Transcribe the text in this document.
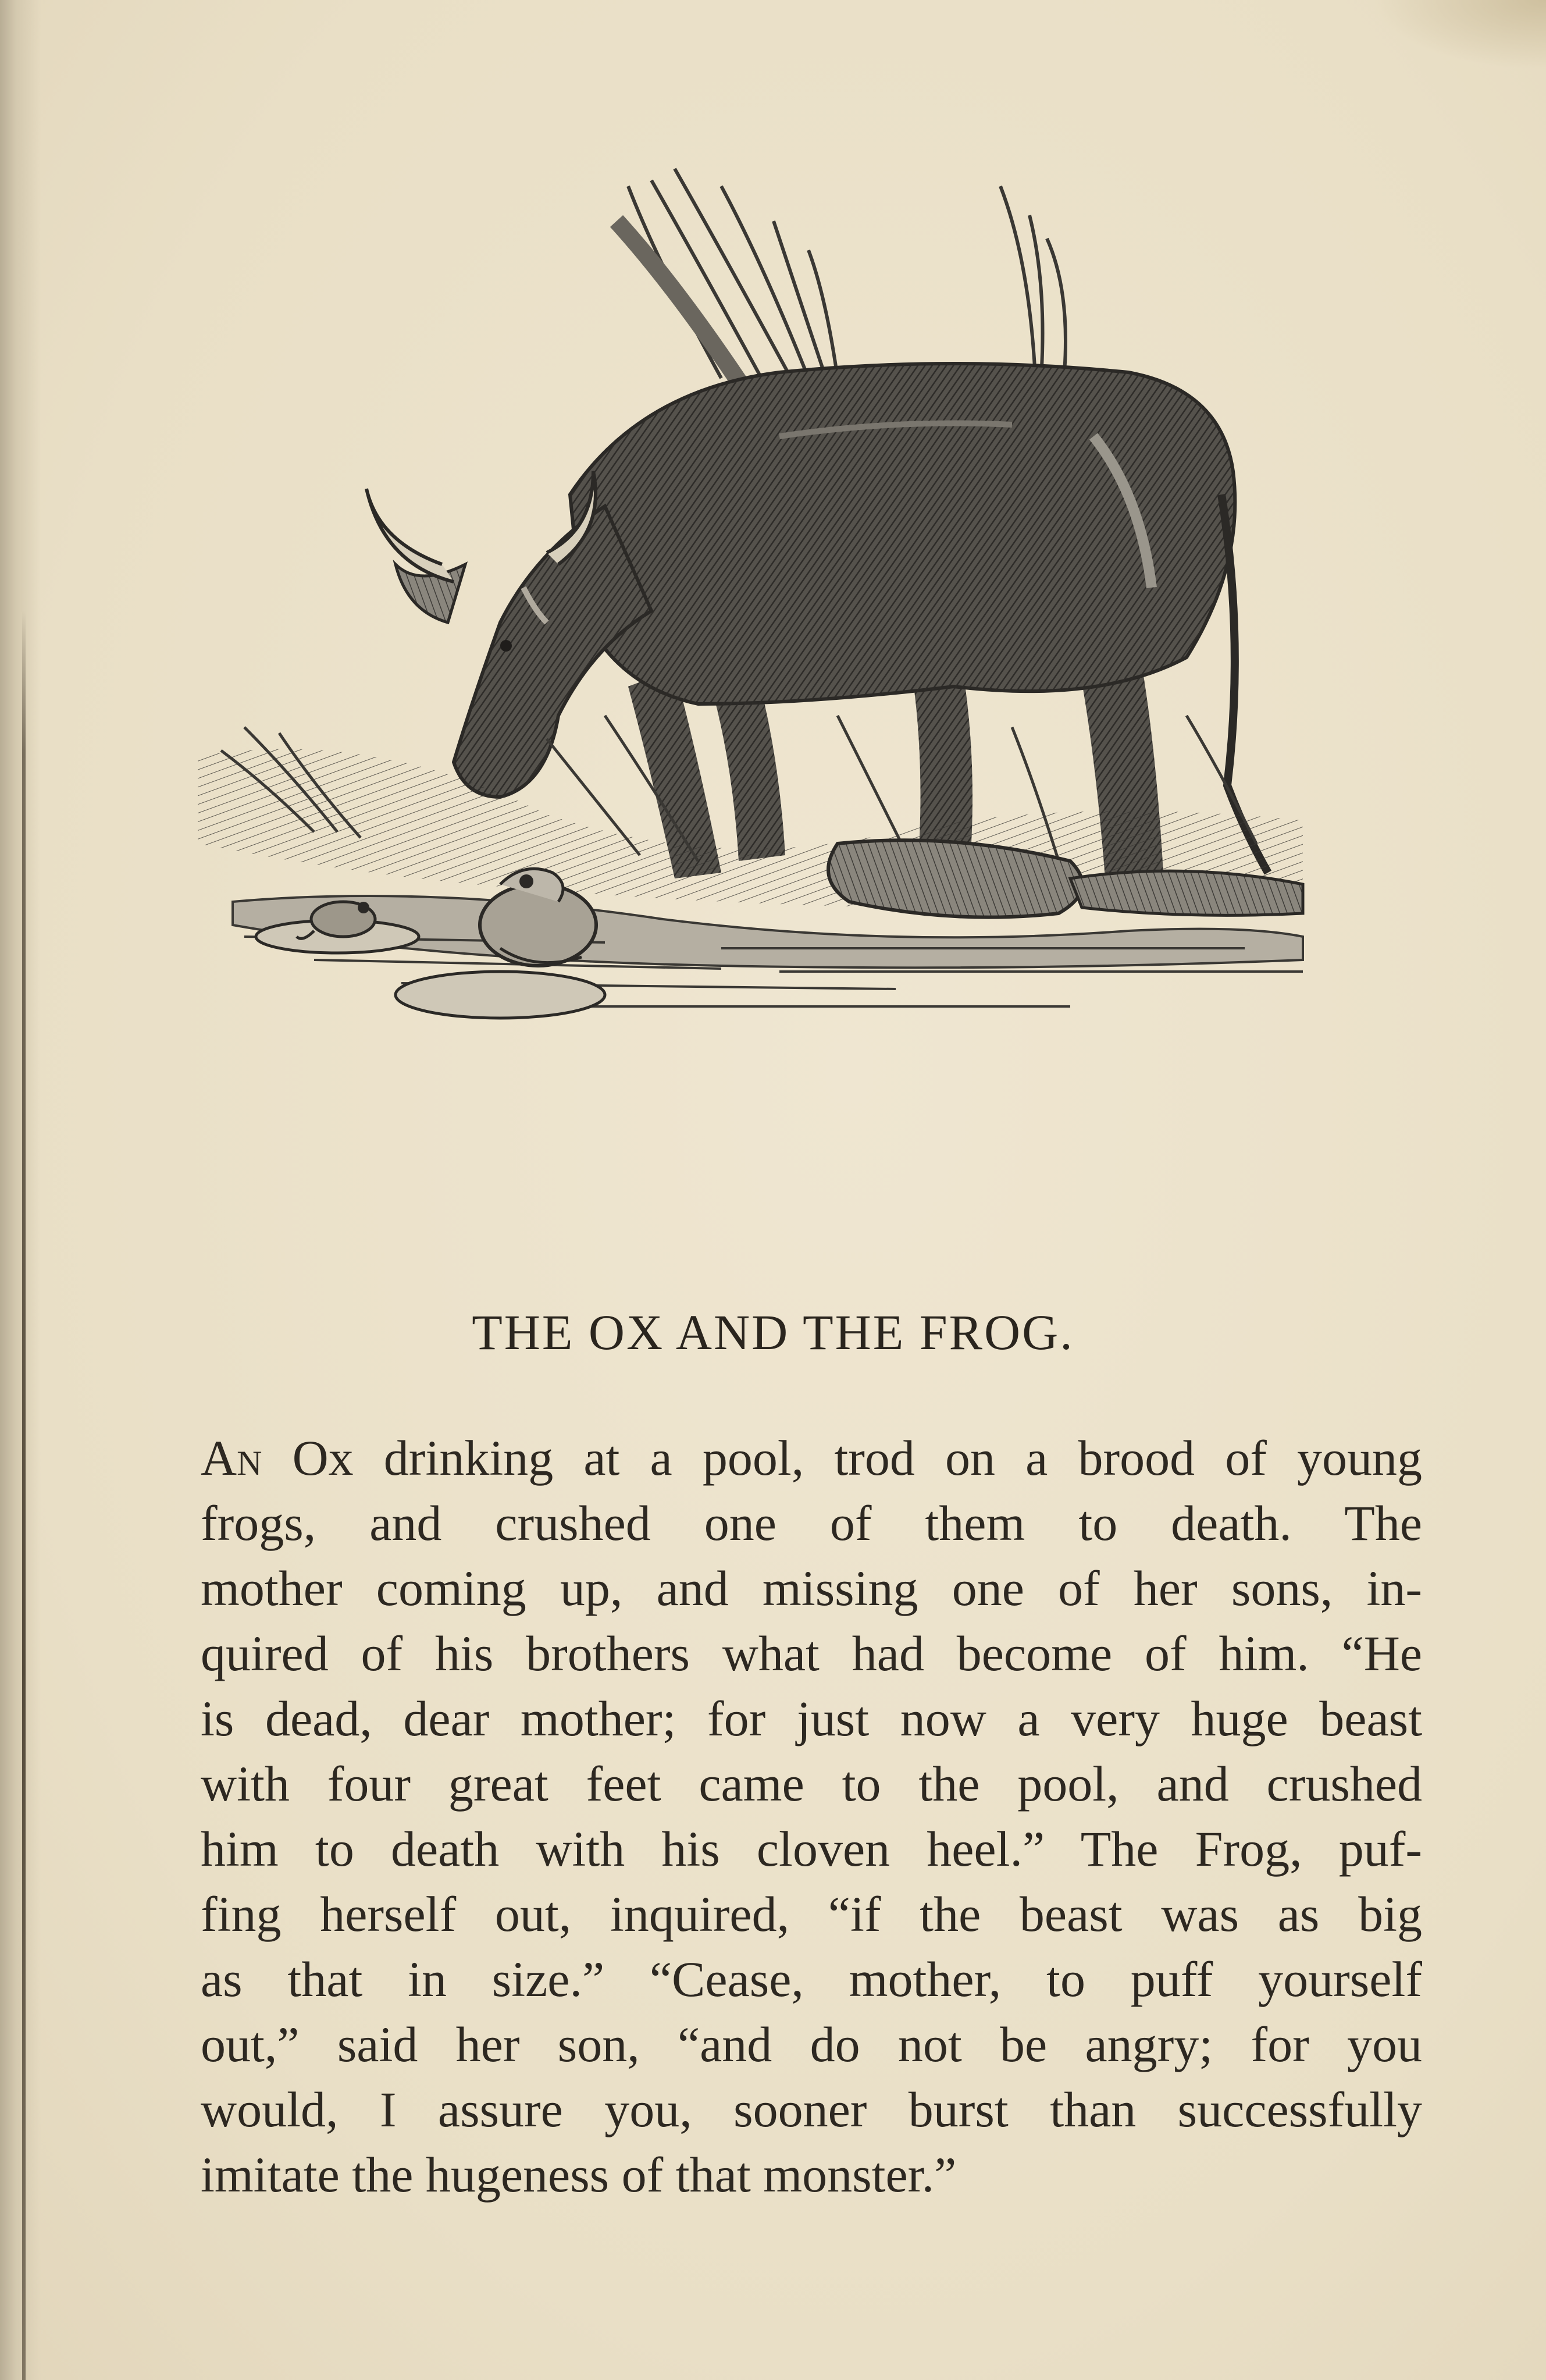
THE OX AND THE FROG.
An Ox drinking at a pool, trod on a brood of young
frogs, and crushed one of them to death. The
mother coming up, and missing one of her sons, in-
quired of his brothers what had become of him. “He
is dead, dear mother; for just now a very huge beast
with four great feet came to the pool, and crushed
him to death with his cloven heel.” The Frog, puf-
fing herself out, inquired, “if the beast was as big
as that in size.” “Cease, mother, to puff yourself
out,” said her son, “and do not be angry; for you
would, I assure you, sooner burst than successfully
imitate the hugeness of that monster.”
